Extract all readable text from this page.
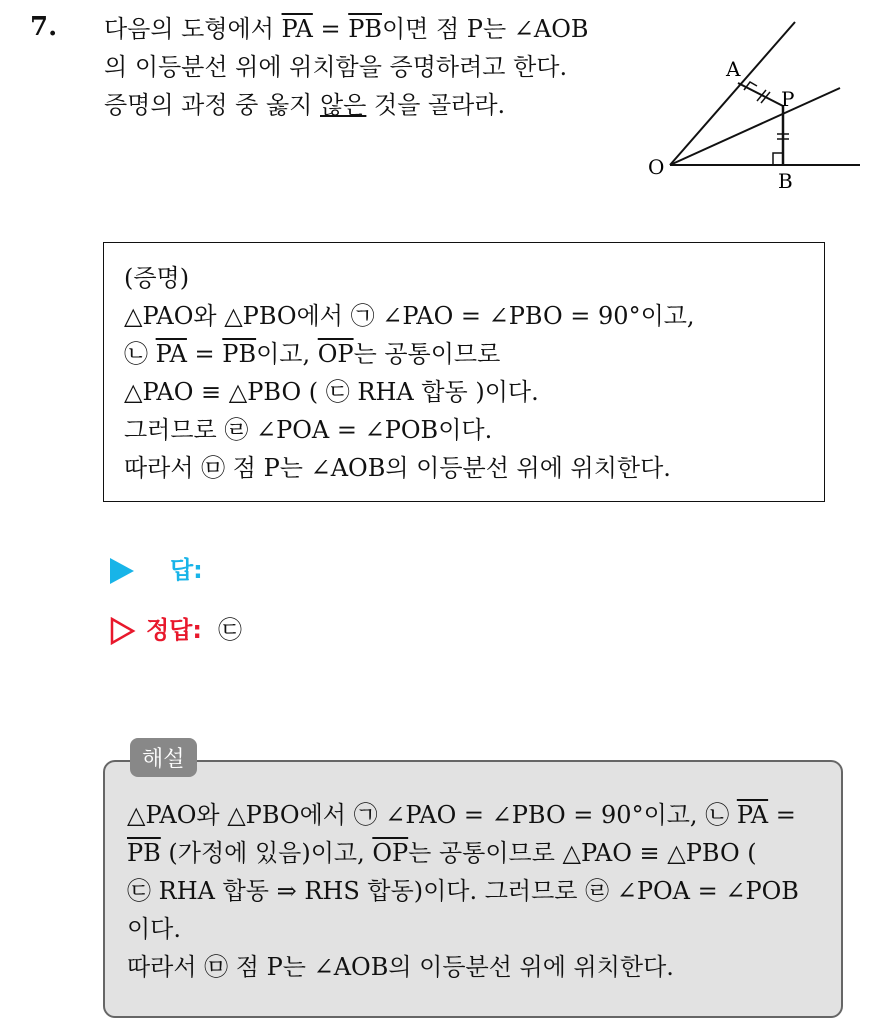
7. 다음의 도형에서 $\overline{PA} = \overline{PB}$이면 점 P는 ∠AOB
의 이등분선 위에 위치함을 증명하려고 한다.
증명의 과정 중 옳지 않은 것을 골라라.
A
P
O
B
(증명)
△PAO와 △PBO에서 ㉠ ∠PAO = ∠PBO = 90°이고,
㉡ $\overline{PA} = \overline{PB}$이고, $\overline{OP}$는 공통이므로
△PAO ≡ △PBO ( ㉢ RHA 합동 )이다.
그러므로 ㉣ ∠POA = ∠POB이다.
따라서 ㉤ 점 P는 ∠AOB의 이등분선 위에 위치한다.
답:
정답: ㉢
△PAO와 △PBO에서 ㉠ ∠PAO = ∠PBO = 90°이고, ㉡ $\overline{PA}$ =
$\overline{PB}$ (가정에 있음)이고, $\overline{OP}$는 공통이므로 △PAO ≡ △PBO (
㉢ RHA 합동 ⇒ RHS 합동)이다. 그러므로 ㉣ ∠POA = ∠POB
이다.
따라서 ㉤ 점 P는 ∠AOB의 이등분선 위에 위치한다.
해설
